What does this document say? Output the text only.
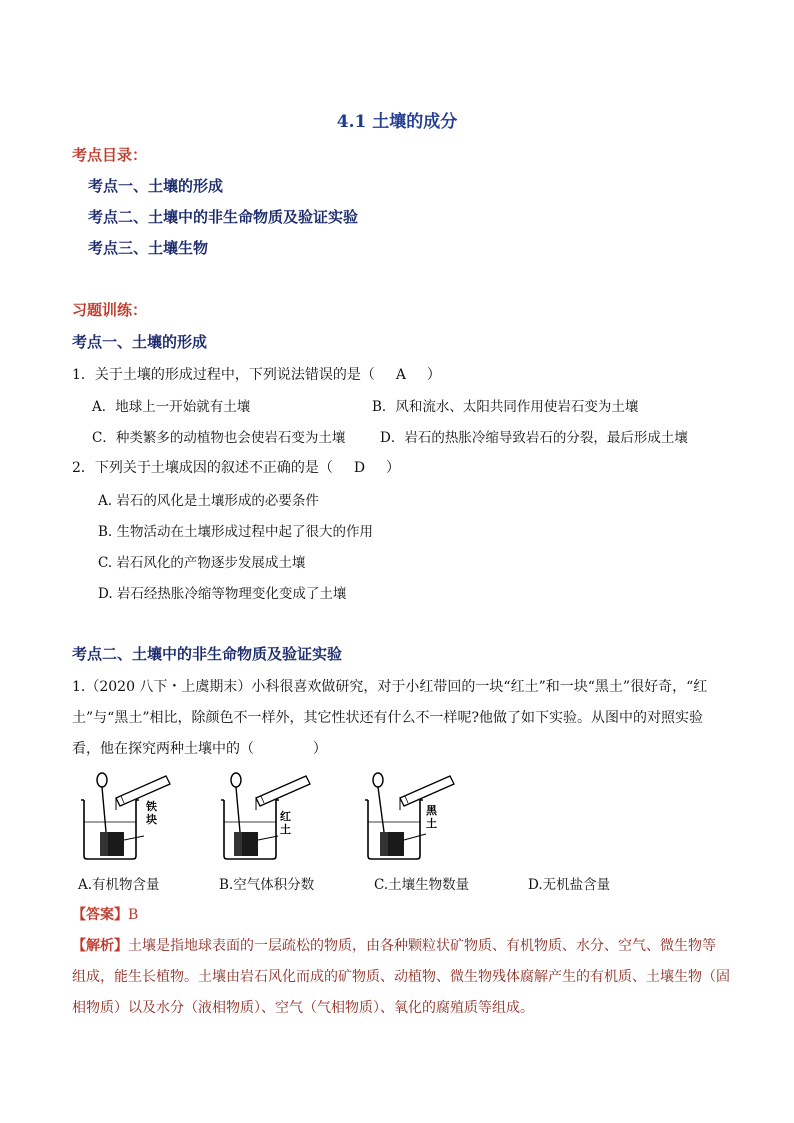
4.1 土壤的成分
考点目录：
考点一、土壤的形成
考点二、土壤中的非生命物质及验证实验
考点三、土壤生物
习题训练：
考点一、土壤的形成
1．关于土壤的形成过程中，下列说法错误的是（ A ）
A．地球上一开始就有土壤	B．风和流水、太阳共同作用使岩石变为土壤
C．种类繁多的动植物也会使岩石变为土壤	D．岩石的热胀冷缩导致岩石的分裂，最后形成土壤
2．下列关于土壤成因的叙述不正确的是（ D ）
A. 岩石的风化是土壤形成的必要条件
B. 生物活动在土壤形成过程中起了很大的作用
C. 岩石风化的产物逐步发展成土壤
D. 岩石经热胀冷缩等物理变化变成了土壤
考点二、土壤中的非生命物质及验证实验
1.（2020 八下・上虞期末）小科很喜欢做研究，对于小红带回的一块“红土”和一块“黑土”很好奇，“红
土”与“黑土”相比，除颜色不一样外，其它性状还有什么不一样呢?他做了如下实验。从图中的对照实验
看，他在探究两种土壤中的（	）
铁块	红土
黑土
A.有机物含量	B.空气体积分数	C.土壤生物数量	D.无机盐含量
【答案】B
【解析】土壤是指地球表面的一层疏松的物质，由各种颗粒状矿物质、有机物质、水分、空气、微生物等
组成，能生长植物。土壤由岩石风化而成的矿物质、动植物、微生物残体腐解产生的有机质、土壤生物（固
相物质）以及水分（液相物质）、空气（气相物质）、氧化的腐殖质等组成。
